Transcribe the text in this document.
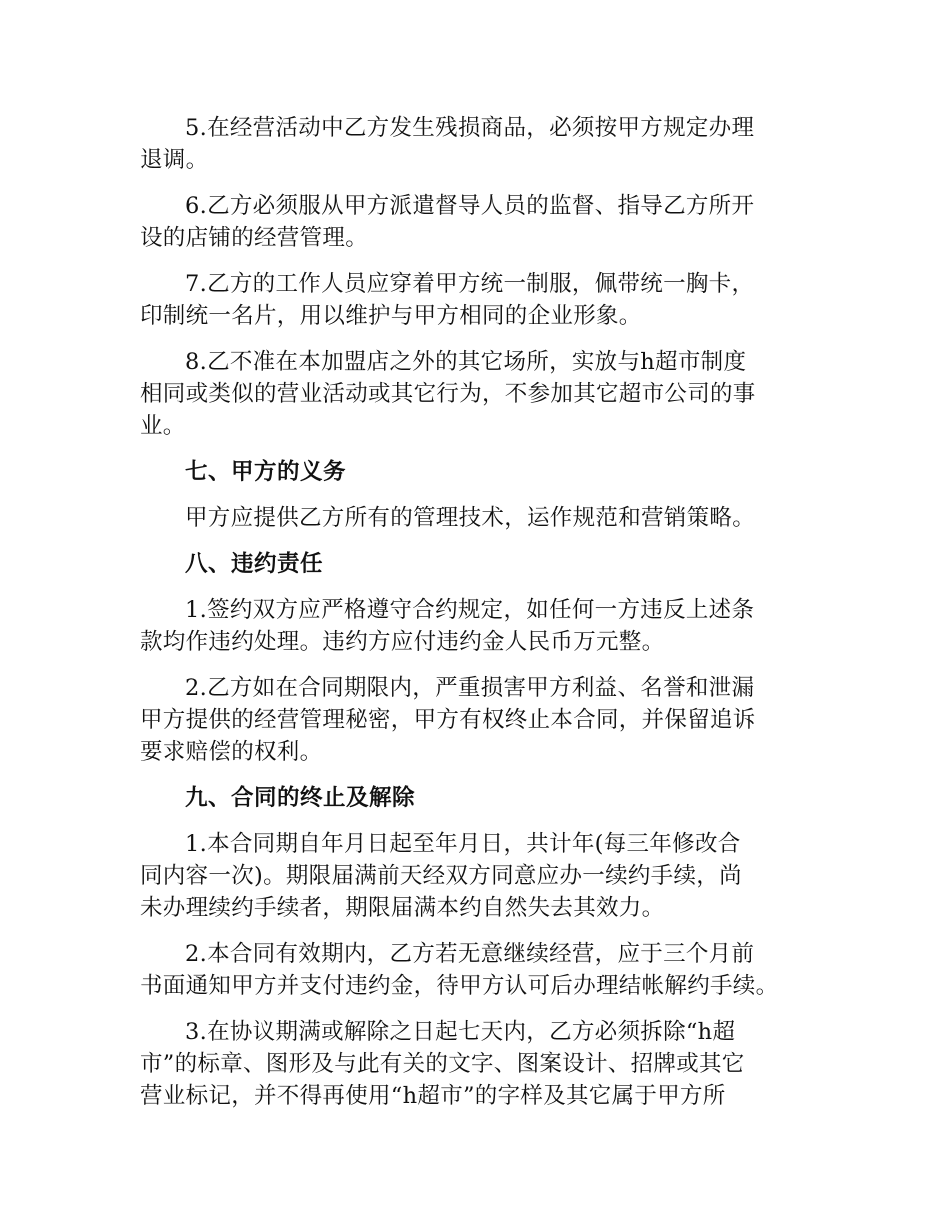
5.在经营活动中乙方发生残损商品，必须按甲方规定办理
退调。

6.乙方必须服从甲方派遣督导人员的监督、指导乙方所开
设的店铺的经营管理。

7.乙方的工作人员应穿着甲方统一制服，佩带统一胸卡，
印制统一名片，用以维护与甲方相同的企业形象。

8.乙不准在本加盟店之外的其它场所，实放与h超市制度
相同或类似的营业活动或其它行为，不参加其它超市公司的事
业。

七、甲方的义务

甲方应提供乙方所有的管理技术，运作规范和营销策略。

八、违约责任

1.签约双方应严格遵守合约规定，如任何一方违反上述条
款均作违约处理。违约方应付违约金人民币万元整。

2.乙方如在合同期限内，严重损害甲方利益、名誉和泄漏
甲方提供的经营管理秘密，甲方有权终止本合同，并保留追诉
要求赔偿的权利。

九、合同的终止及解除

1.本合同期自年月日起至年月日，共计年(每三年修改合
同内容一次)。期限届满前天经双方同意应办一续约手续，尚
未办理续约手续者，期限届满本约自然失去其效力。

2.本合同有效期内，乙方若无意继续经营，应于三个月前
书面通知甲方并支付违约金，待甲方认可后办理结帐解约手续。

3.在协议期满或解除之日起七天内，乙方必须拆除“h超
市”的标章、图形及与此有关的文字、图案设计、招牌或其它
营业标记，并不得再使用“h超市”的字样及其它属于甲方所
